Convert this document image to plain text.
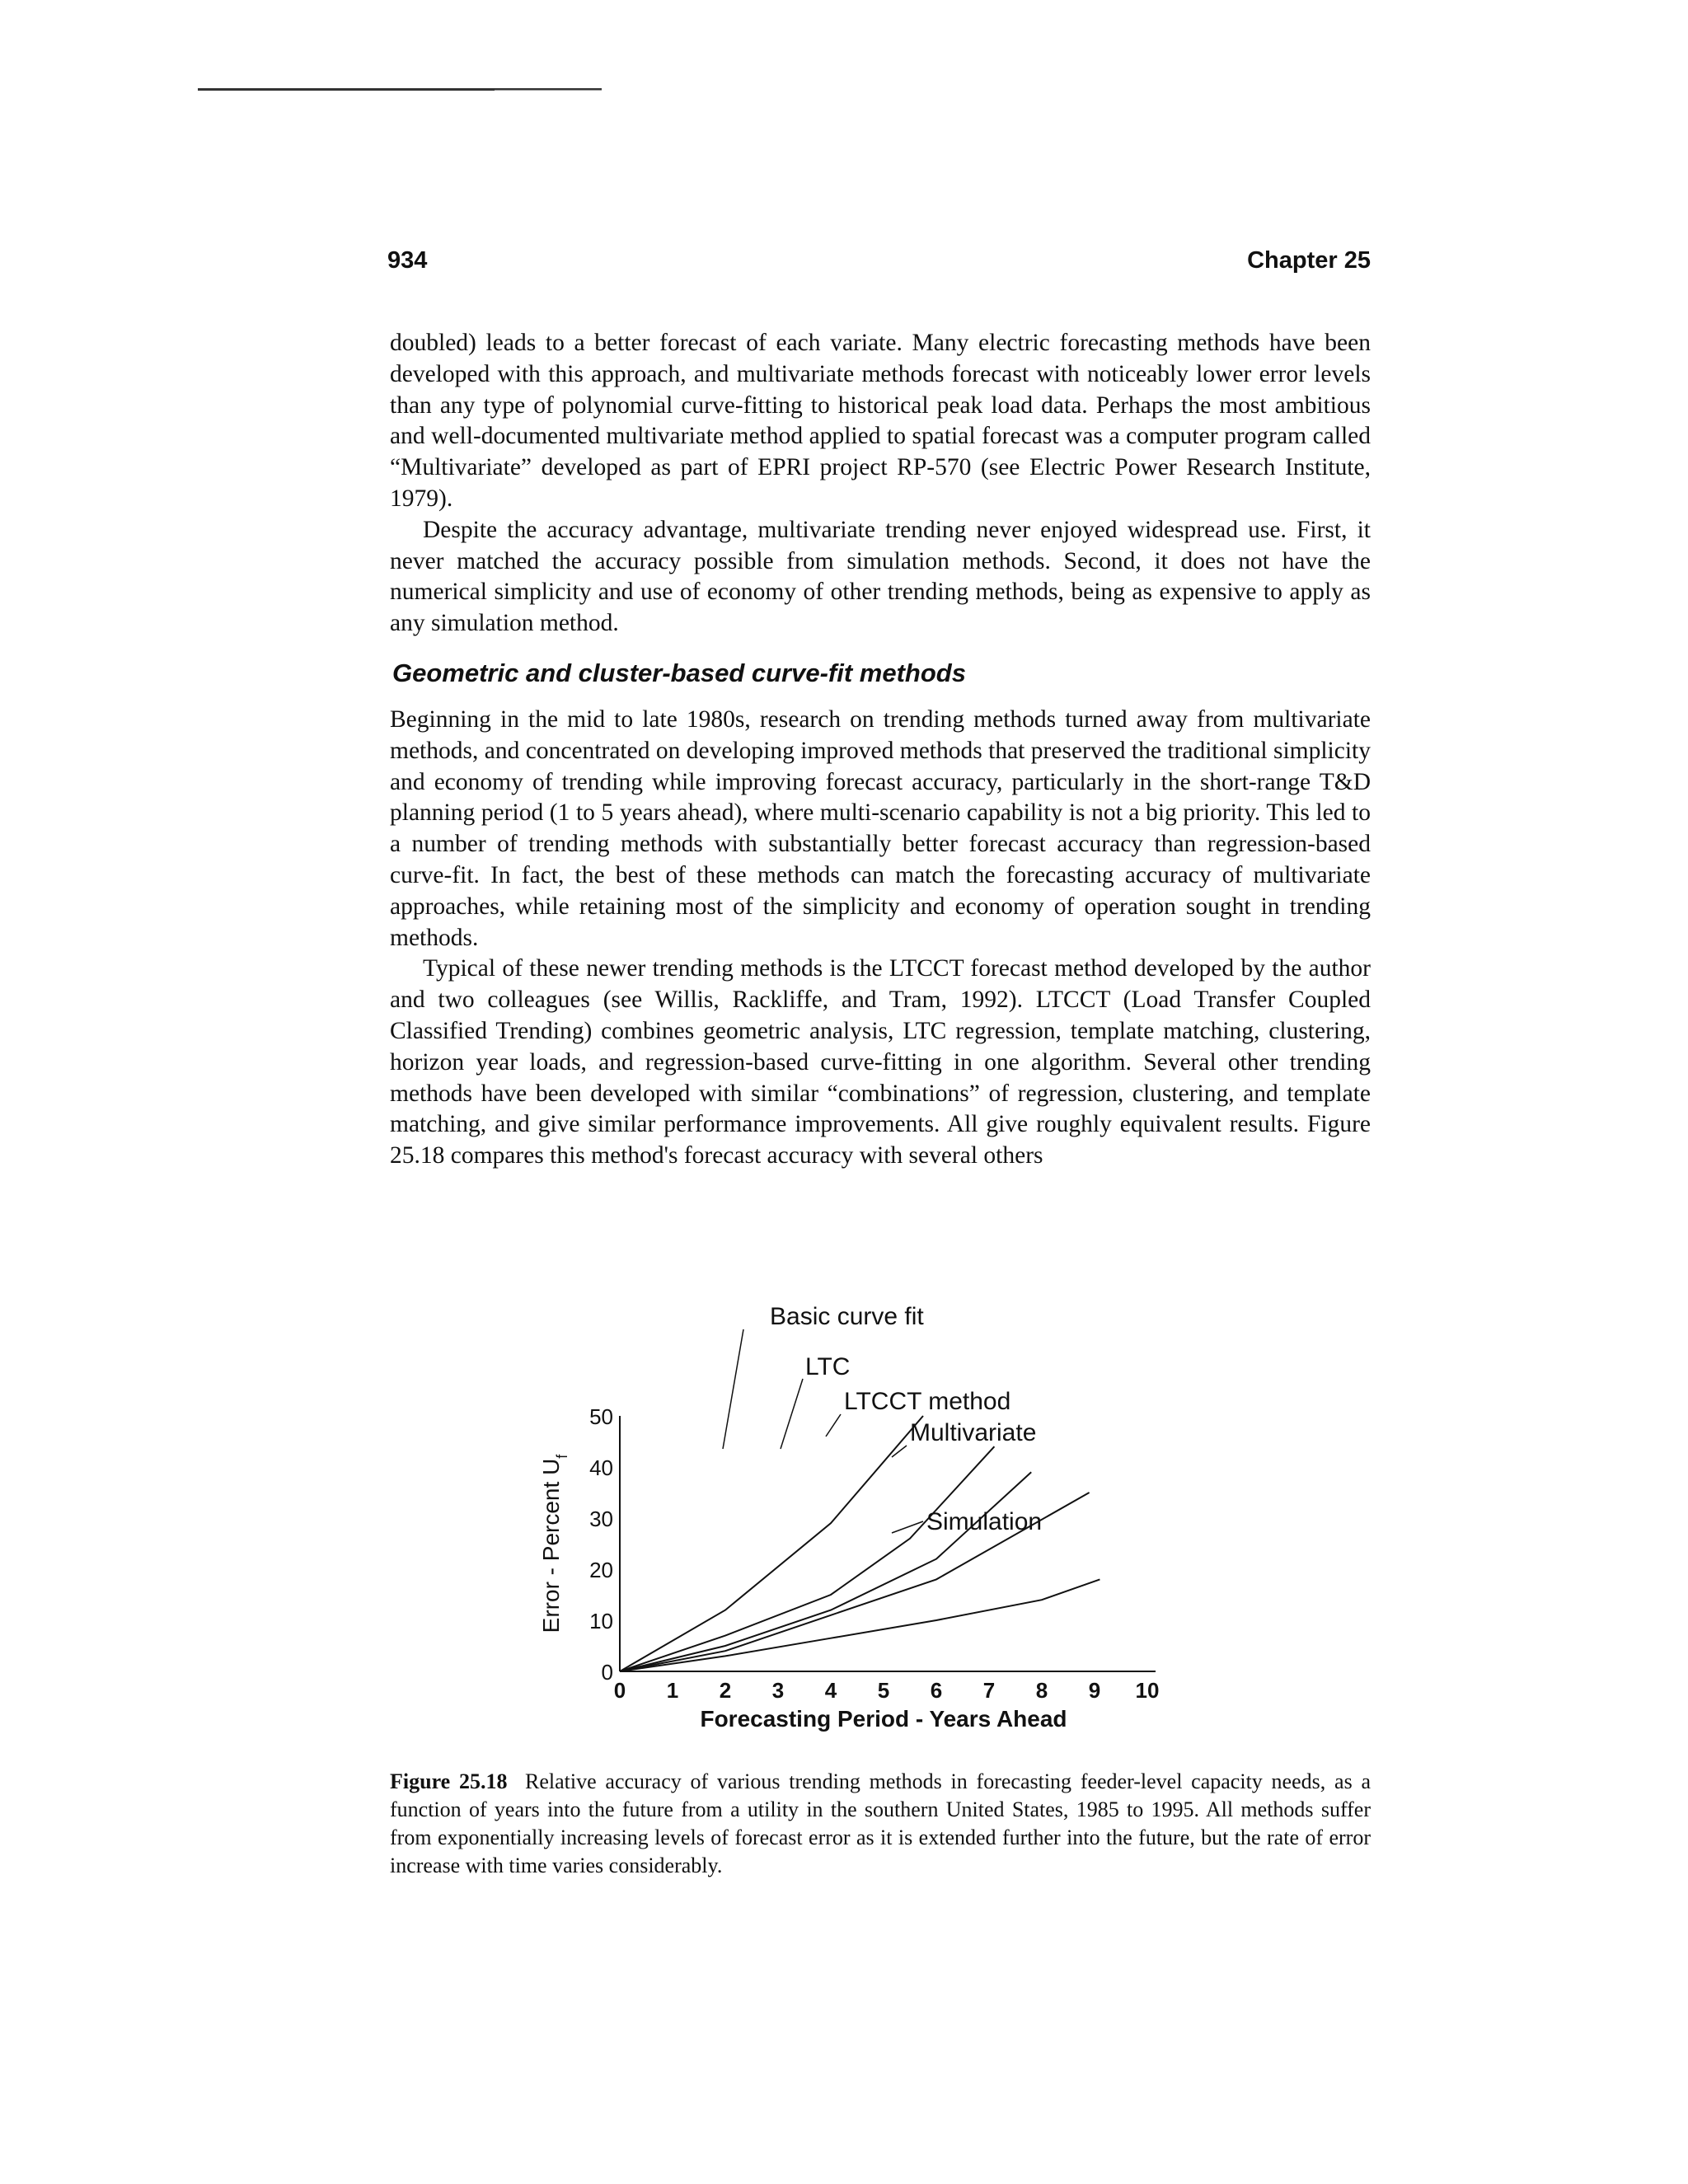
934	Chapter 25

doubled) leads to a better forecast of each variate. Many electric forecasting methods have been developed with this approach, and multivariate methods forecast with noticeably lower error levels than any type of polynomial curve-fitting to historical peak load data. Perhaps the most ambitious and well-documented multivariate method applied to spatial forecast was a computer program called “Multivariate” developed as part of EPRI project RP-570 (see Electric Power Research Institute, 1979).

Despite the accuracy advantage, multivariate trending never enjoyed widespread use. First, it never matched the accuracy possible from simulation methods. Second, it does not have the numerical simplicity and use of economy of other trending methods, being as expensive to apply as any simulation method.

Geometric and cluster-based curve-fit methods

Beginning in the mid to late 1980s, research on trending methods turned away from multivariate methods, and concentrated on developing improved methods that preserved the traditional simplicity and economy of trending while improving forecast accuracy, particularly in the short-range T&D planning period (1 to 5 years ahead), where multi-scenario capability is not a big priority. This led to a number of trending methods with substantially better forecast accuracy than regression-based curve-fit. In fact, the best of these methods can match the forecasting accuracy of multivariate approaches, while retaining most of the simplicity and economy of operation sought in trending methods.

Typical of these newer trending methods is the LTCCT forecast method developed by the author and two colleagues (see Willis, Rackliffe, and Tram, 1992). LTCCT (Load Transfer Coupled Classified Trending) combines geometric analysis, LTC regression, template matching, clustering, horizon year loads, and regression-based curve-fitting in one algorithm. Several other trending methods have been developed with similar “combinations” of regression, clustering, and template matching, and give similar performance improvements. All give roughly equivalent results. Figure 25.18 compares this method's forecast accuracy with several others

0
10
20
30
40
50
0 1 2 3 4 5 6 7 8 9 10
Forecasting Period - Years Ahead
Error - Percent $U_f$
Basic curve fit
LTC
LTCCT method
Multivariate
Simulation
Figure 25.18 Relative accuracy of various trending methods in forecasting feeder-level capacity needs, as a function of years into the future from a utility in the southern United States, 1985 to 1995. All methods suffer from exponentially increasing levels of forecast error as it is extended further into the future, but the rate of error increase with time varies considerably.
